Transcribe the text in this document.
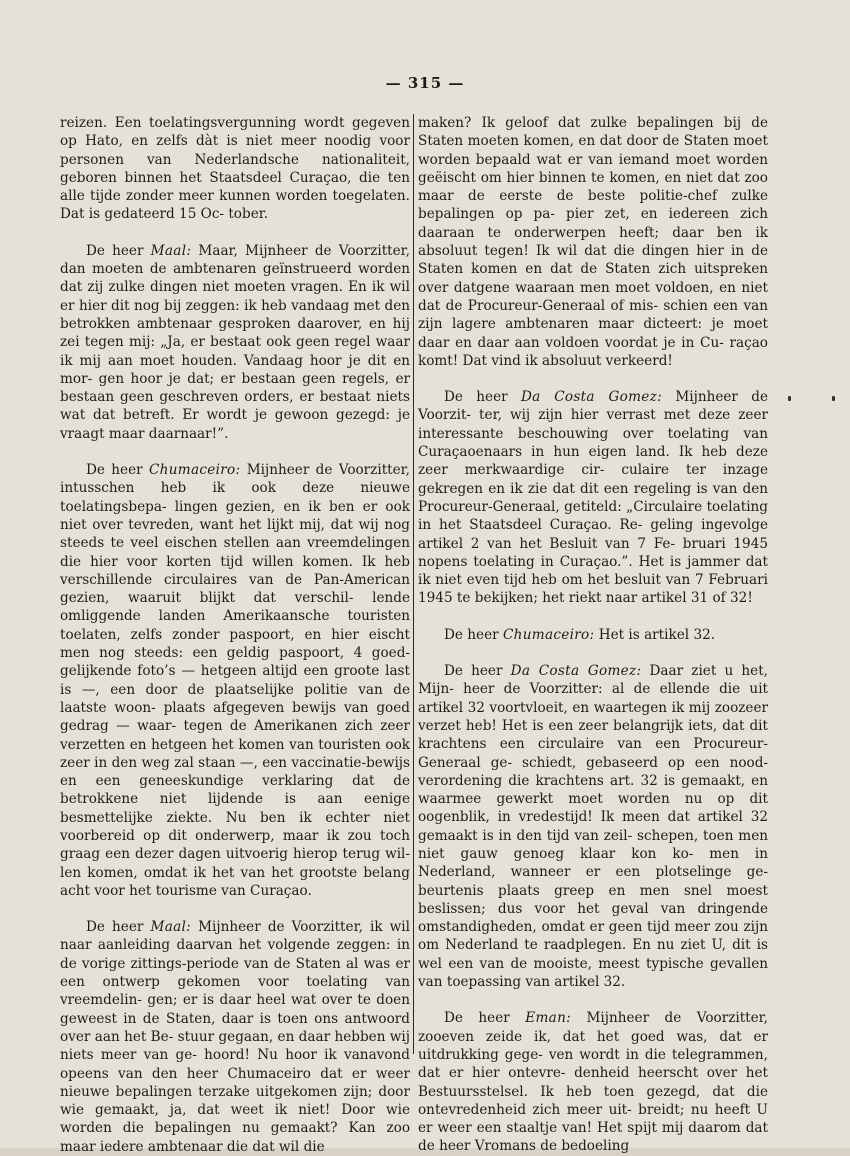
— 315 —

reizen. Een toelatingsvergunning wordt gegeven op Hato, en zelfs dàt is niet meer noodig voor personen van Nederlandsche nationaliteit, geboren binnen het Staatsdeel Curaçao, die ten alle tijde zonder meer kunnen worden toegelaten. Dat is gedateerd 15 Oc- tober.

De heer Maal: Maar, Mijnheer de Voorzitter, dan moeten de ambtenaren geïnstrueerd worden dat zij zulke dingen niet moeten vragen. En ik wil er hier dit nog bij zeggen: ik heb vandaag met den betrokken ambtenaar gesproken daarover, en hij zei tegen mij: „Ja, er bestaat ook geen regel waar ik mij aan moet houden. Vandaag hoor je dit en mor- gen hoor je dat; er bestaan geen regels, er bestaan geen geschreven orders, er bestaat niets wat dat betreft. Er wordt je gewoon gezegd: je vraagt maar daarnaar!”.

De heer Chumaceiro: Mijnheer de Voorzitter, intusschen heb ik ook deze nieuwe toelatingsbepa- lingen gezien, en ik ben er ook niet over tevreden, want het lijkt mij, dat wij nog steeds te veel eischen stellen aan vreemdelingen die hier voor korten tijd willen komen. Ik heb verschillende circulaires van de Pan-American gezien, waaruit blijkt dat verschil- lende omliggende landen Amerikaansche touristen toelaten, zelfs zonder paspoort, en hier eischt men nog steeds: een geldig paspoort, 4 goed-gelijkende foto’s — hetgeen altijd een groote last is —, een door de plaatselijke politie van de laatste woon- plaats afgegeven bewijs van goed gedrag — waar- tegen de Amerikanen zich zeer verzetten en hetgeen het komen van touristen ook zeer in den weg zal staan —, een vaccinatie-bewijs en een geneeskundige verklaring dat de betrokkene niet lijdende is aan eenige besmettelijke ziekte. Nu ben ik echter niet voorbereid op dit onderwerp, maar ik zou toch graag een dezer dagen uitvoerig hierop terug wil- len komen, omdat ik het van het grootste belang acht voor het tourisme van Curaçao.

De heer Maal: Mijnheer de Voorzitter, ik wil naar aanleiding daarvan het volgende zeggen: in de vorige zittings-periode van de Staten al was er een ontwerp gekomen voor toelating van vreemdelin- gen; er is daar heel wat over te doen geweest in de Staten, daar is toen ons antwoord over aan het Be- stuur gegaan, en daar hebben wij niets meer van ge- hoord! Nu hoor ik vanavond opeens van den heer Chumaceiro dat er weer nieuwe bepalingen terzake uitgekomen zijn; door wie gemaakt, ja, dat weet ik niet! Door wie worden die bepalingen nu gemaakt? Kan zoo maar iedere ambtenaar die dat wil die

maken? Ik geloof dat zulke bepalingen bij de Staten moeten komen, en dat door de Staten moet worden bepaald wat er van iemand moet worden geëischt om hier binnen te komen, en niet dat zoo maar de eerste de beste politie-chef zulke bepalingen op pa- pier zet, en iedereen zich daaraan te onderwerpen heeft; daar ben ik absoluut tegen! Ik wil dat die dingen hier in de Staten komen en dat de Staten zich uitspreken over datgene waaraan men moet voldoen, en niet dat de Procureur-Generaal of mis- schien een van zijn lagere ambtenaren maar dicteert: je moet daar en daar aan voldoen voordat je in Cu- raçao komt! Dat vind ik absoluut verkeerd!

De heer Da Costa Gomez: Mijnheer de Voorzit- ter, wij zijn hier verrast met deze zeer interessante beschouwing over toelating van Curaçaoenaars in hun eigen land. Ik heb deze zeer merkwaardige cir- culaire ter inzage gekregen en ik zie dat dit een regeling is van den Procureur-Generaal, getiteld: „Circulaire toelating in het Staatsdeel Curaçao. Re- geling ingevolge artikel 2 van het Besluit van 7 Fe- bruari 1945 nopens toelating in Curaçao.”. Het is jammer dat ik niet even tijd heb om het besluit van 7 Februari 1945 te bekijken; het riekt naar artikel 31 of 32!

De heer Chumaceiro: Het is artikel 32.

De heer Da Costa Gomez: Daar ziet u het, Mijn- heer de Voorzitter: al de ellende die uit artikel 32 voortvloeit, en waartegen ik mij zoozeer verzet heb! Het is een zeer belangrijk iets, dat dit krachtens een circulaire van een Procureur-Generaal ge- schiedt, gebaseerd op een nood-verordening die krachtens art. 32 is gemaakt, en waarmee gewerkt moet worden nu op dit oogenblik, in vredestijd! Ik meen dat artikel 32 gemaakt is in den tijd van zeil- schepen, toen men niet gauw genoeg klaar kon ko- men in Nederland, wanneer er een plotselinge ge- beurtenis plaats greep en men snel moest beslissen; dus voor het geval van dringende omstandigheden, omdat er geen tijd meer zou zijn om Nederland te raadplegen. En nu ziet U, dit is wel een van de mooiste, meest typische gevallen van toepassing van artikel 32.

De heer Eman: Mijnheer de Voorzitter, zooeven zeide ik, dat het goed was, dat er uitdrukking gege- ven wordt in die telegrammen, dat er hier ontevre- denheid heerscht over het Bestuursstelsel. Ik heb toen gezegd, dat die ontevredenheid zich meer uit- breidt; nu heeft U er weer een staaltje van! Het spijt mij daarom dat de heer Vromans de bedoeling
